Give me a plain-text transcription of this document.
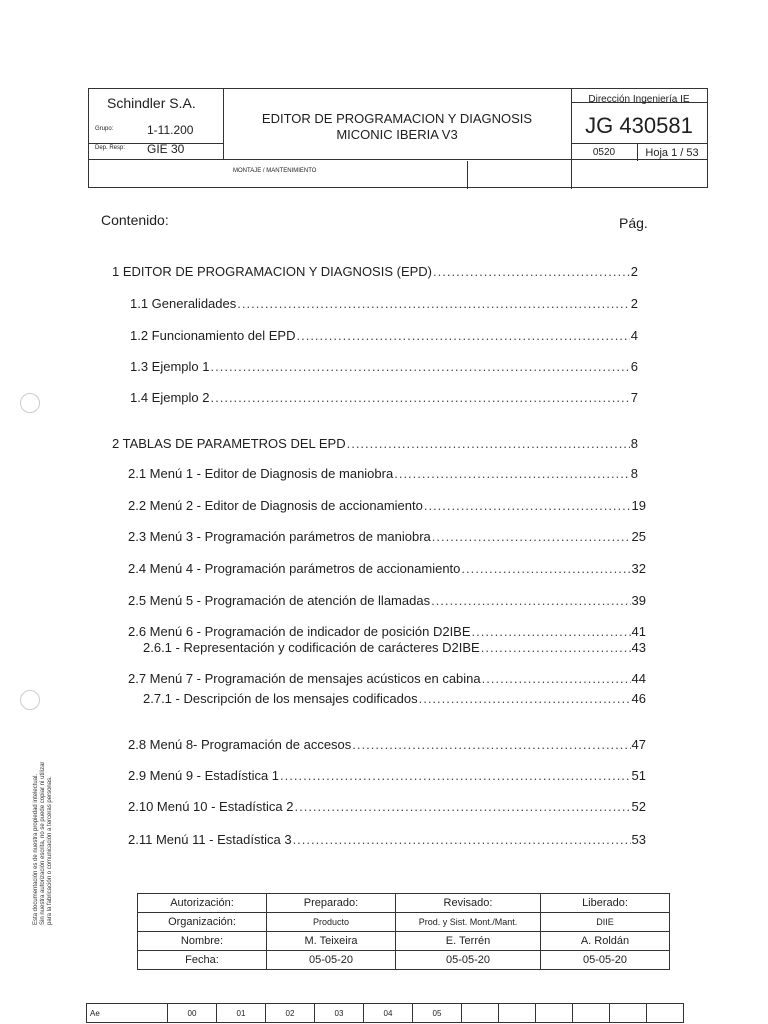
Schindler S.A.
Grupo:	1-11.200
Dep. Resp: GIE 30
EDITOR DE PROGRAMACION Y DIAGNOSIS
MICONIC IBERIA V3
Dirección Ingeniería IE
JG 430581
0520	Hoja 1 / 53
MONTAJE / MANTENIMIENTO
Contenido:	Pág.
1 EDITOR DE PROGRAMACION Y DIAGNOSIS (EPD) .....	2
1.1 Generalidades .....	2
1.2 Funcionamiento del EPD .....	4
1.3 Ejemplo 1 .....	6
1.4 Ejemplo 2 .....	7
2 TABLAS DE PARAMETROS DEL EPD .....	8
2.1 Menú 1 - Editor de Diagnosis de maniobra .....	8
2.2 Menú 2 - Editor de Diagnosis de accionamiento .....	19
2.3 Menú 3 - Programación parámetros de maniobra .....	25
2.4 Menú 4 - Programación parámetros de accionamiento .....	32
2.5 Menú 5 - Programación de atención de llamadas .....	39
2.6 Menú 6 - Programación de indicador de posición D2IBE .....	41
2.6.1 - Representación y codificación de carácteres D2IBE .....	43
2.7 Menú 7 - Programación de mensajes acústicos en cabina .....	44
2.7.1 - Descripción de los mensajes codificados .....	46
2.8 Menú 8- Programación de accesos .....	47
2.9 Menú 9 - Estadística 1 .....	51
2.10 Menú 10 - Estadística 2 .....	52
2.11 Menú 11 - Estadística 3 .....	53
Esta documentación es de nuestra propiedad intelectual. Sin nuestra autorización escrita, no se puede copiar ni utilizar para la fabricación o comunicación a terceras personas.	Autorización:	Preparado:	Revisado:	Liberado:
Organización:	Producto	Prod. y Sist. Mont./Mant.	DIIE
Nombre:	M. Teixeira	E. Terrén	A. Roldán
Fecha:	05-05-20	05-05-20	05-05-20
Ae	00	01	02	03	04	05						
